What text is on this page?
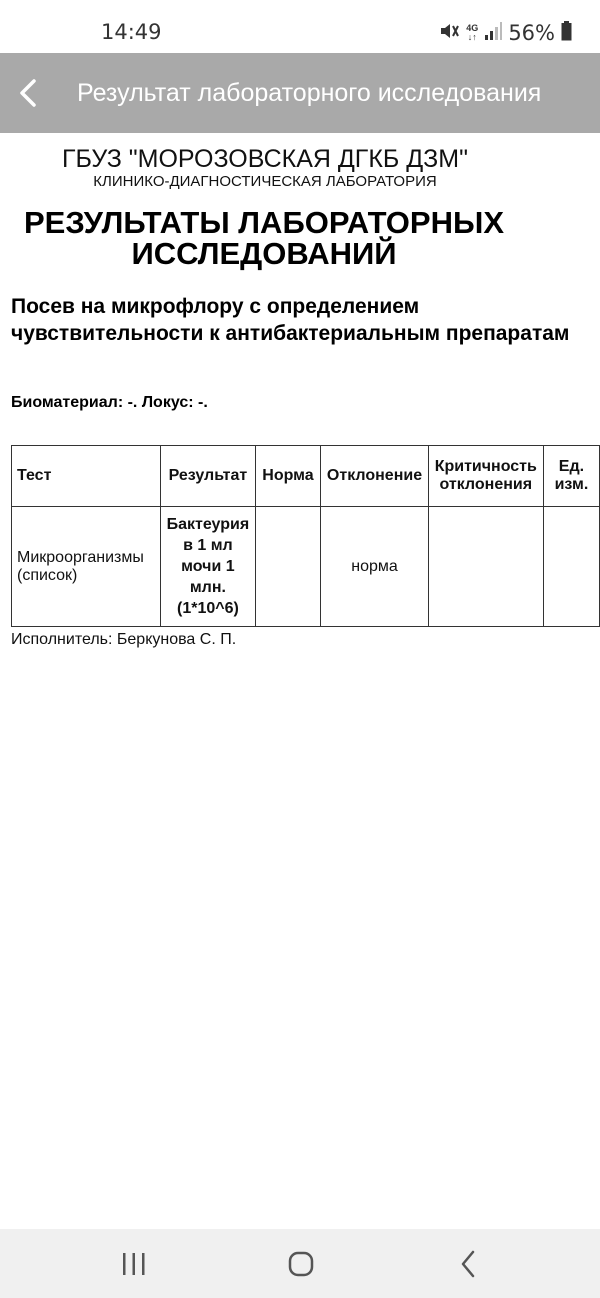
14:49	4G
↓↑ 56%
Результат лабораторного исследования
ГБУЗ "МОРОЗОВСКАЯ ДГКБ ДЗМ"
КЛИНИКО-ДИАГНОСТИЧЕСКАЯ ЛАБОРАТОРИЯ
РЕЗУЛЬТАТЫ ЛАБОРАТОРНЫХ
ИССЛЕДОВАНИЙ
Посев на микрофлору с определением чувствительности к антибактериальным препаратам
Биоматериал: -. Локус: -.
Тест	Результат	Норма	Отклонение	Критичность отклонения	Ед. изм.
Микроорганизмы (список)	Бактеурия в 1 мл мочи 1 млн. (1*10^6)		норма		
Исполнитель: Беркунова С. П.
